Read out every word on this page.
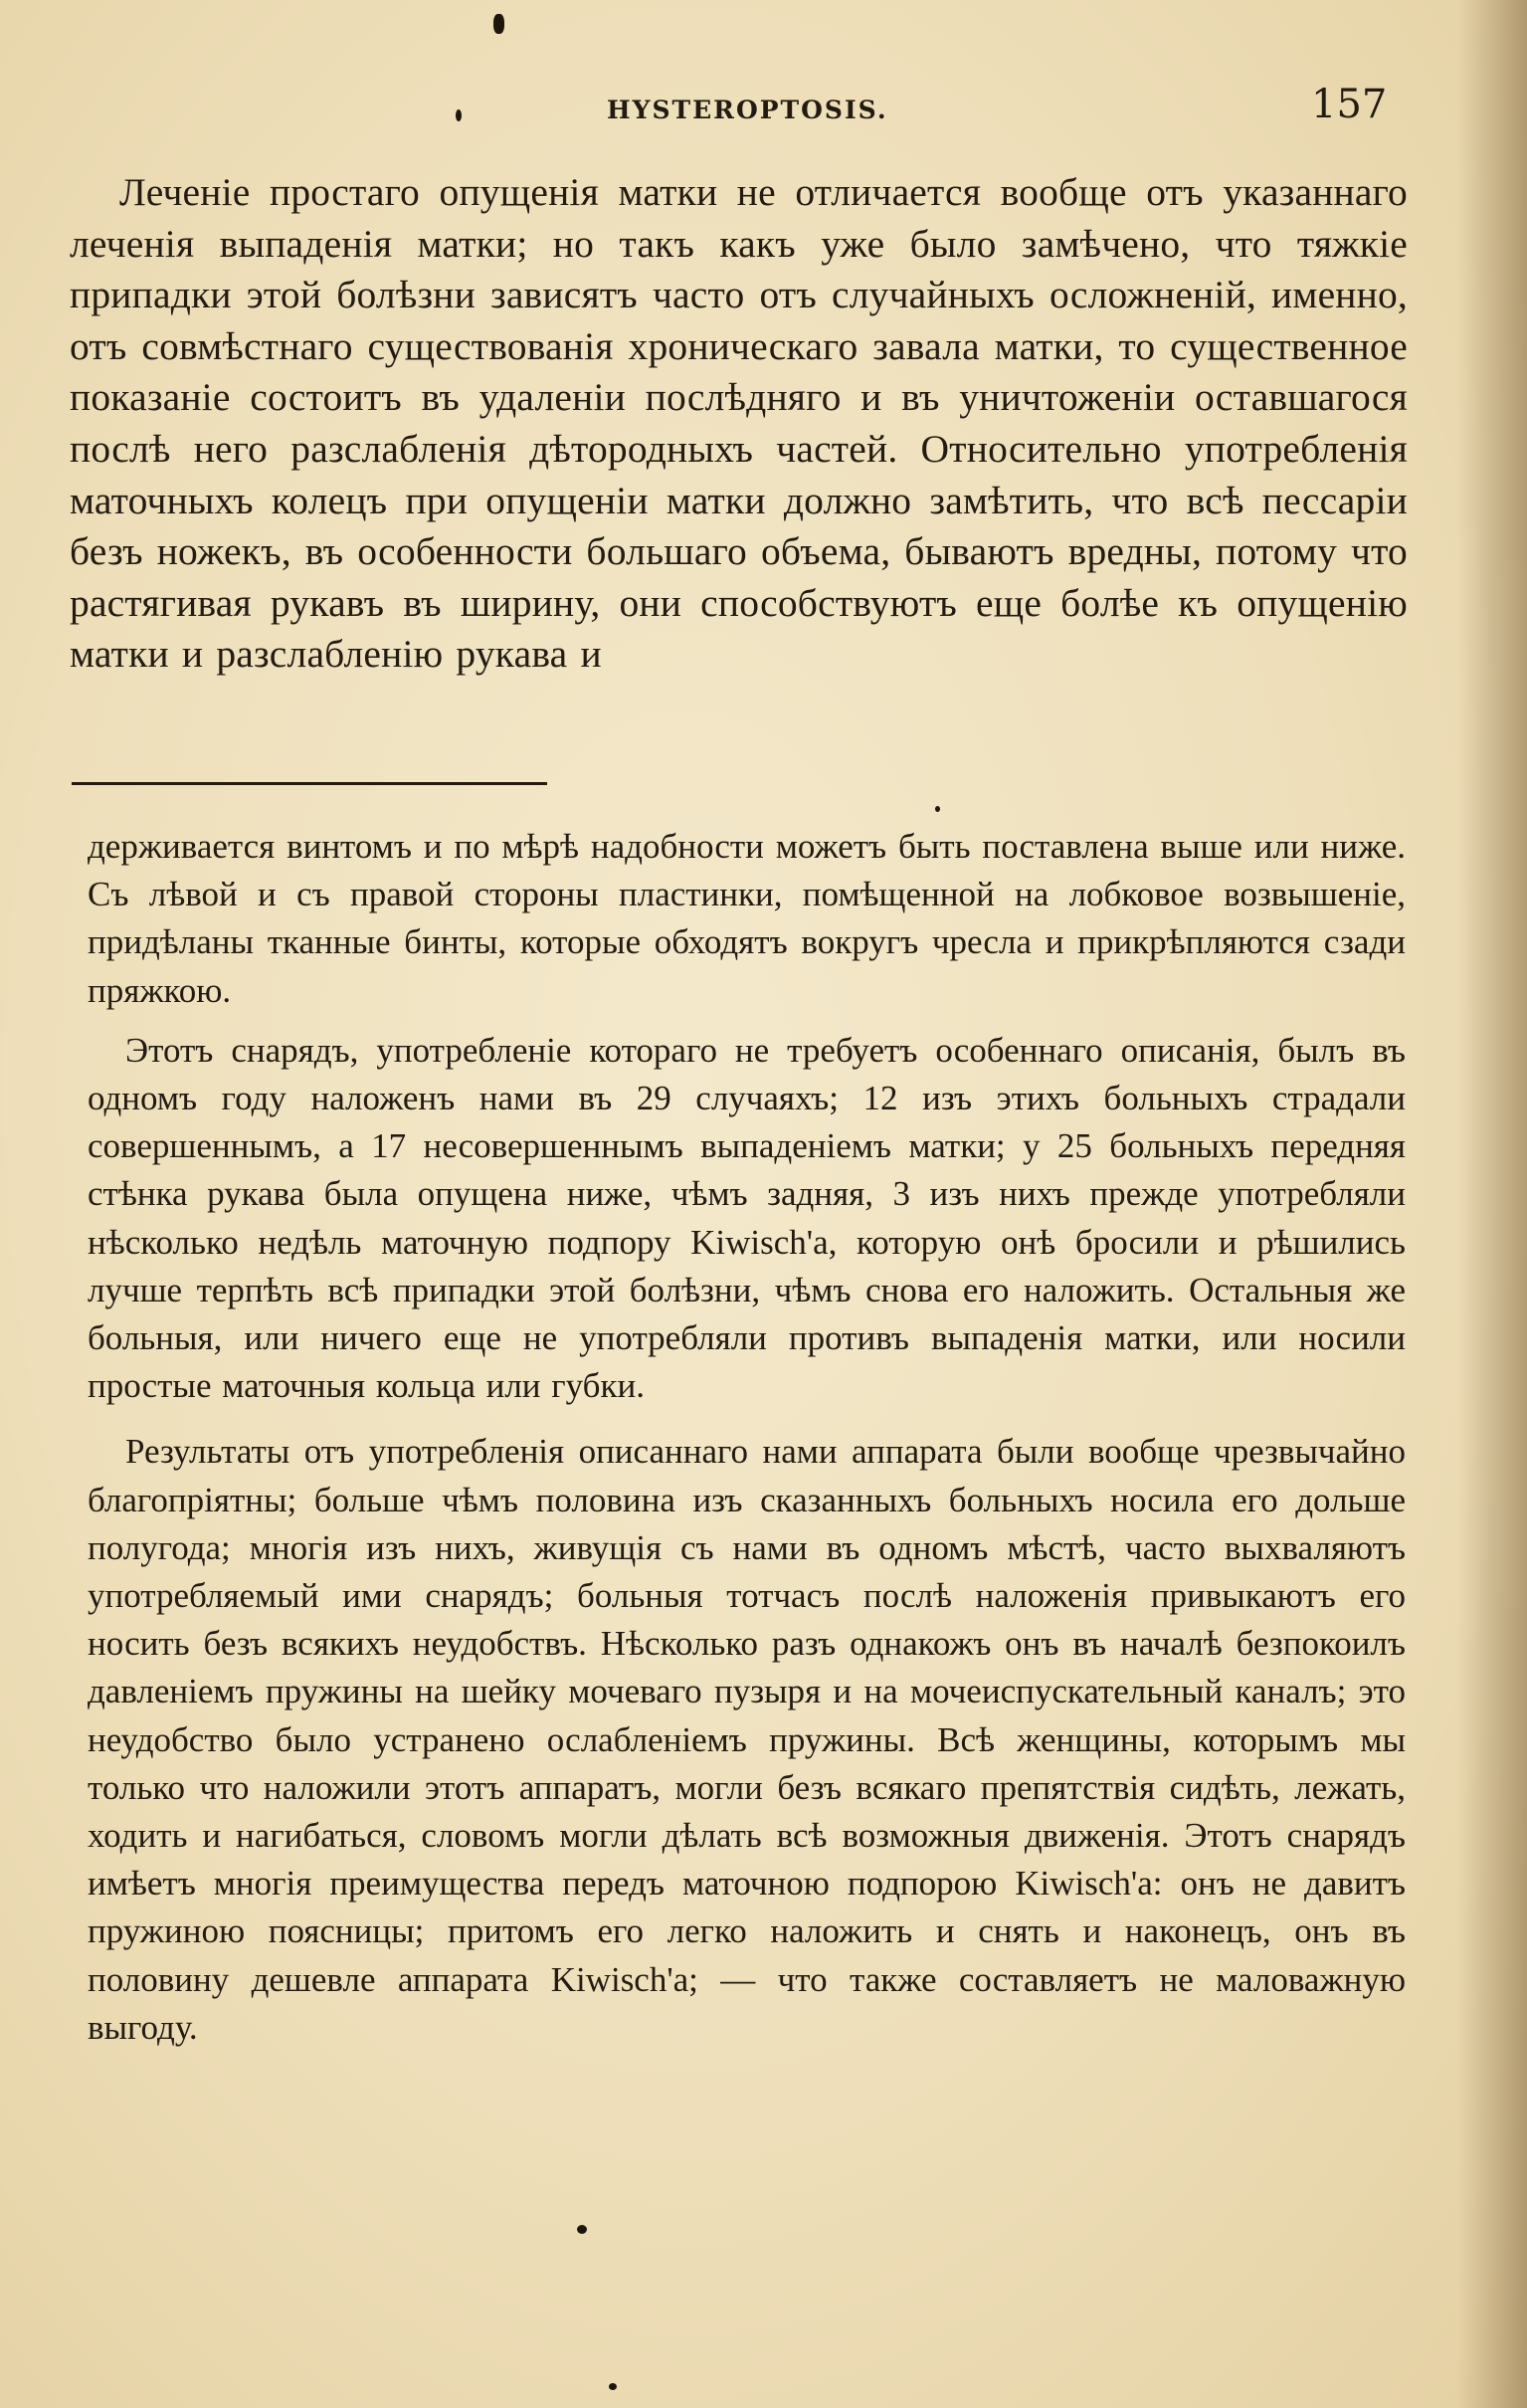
HYSTEROPTOSIS.	157

Леченіе простаго опущенія матки не отличается вообще отъ указаннаго леченія выпаденія матки; но такъ какъ уже было замѣчено, что тяжкіе припадки этой болѣзни зависятъ часто отъ случайныхъ осложненій, именно, отъ совмѣстнаго существованія хроническаго завала матки, то существенное показаніе состоитъ въ удаленіи послѣдняго и въ уничтоженіи оставшагося послѣ него разслабленія дѣтородныхъ частей. Относительно употребленія маточныхъ колецъ при опущеніи матки должно замѣтить, что всѣ пессаріи безъ ножекъ, въ особенности большаго объема, бываютъ вредны, потому что растягивая рукавъ въ ширину, они способствуютъ еще болѣе къ опущенію матки и разслабленію рукава и

держивается винтомъ и по мѣрѣ надобности можетъ быть поставлена выше или ниже. Съ лѣвой и съ правой стороны пластинки, помѣщенной на лобковое возвышеніе, придѣланы тканные бинты, которые обходятъ вокругъ чресла и прикрѣпляются сзади пряжкою.

Этотъ снарядъ, употребленіе котораго не требуетъ особеннаго описанія, былъ въ одномъ году наложенъ нами въ 29 случаяхъ; 12 изъ этихъ больныхъ страдали совершеннымъ, а 17 несовершеннымъ выпаденіемъ матки; у 25 больныхъ передняя стѣнка рукава была опущена ниже, чѣмъ задняя, 3 изъ нихъ прежде употребляли нѣсколько недѣль маточную подпору Kiwisch'а, которую онѣ бросили и рѣшились лучше терпѣть всѣ припадки этой болѣзни, чѣмъ снова его наложить. Остальныя же больныя, или ничего еще не употребляли противъ выпаденія матки, или носили простые маточныя кольца или губки.

Результаты отъ употребленія описаннаго нами аппарата были вообще чрезвычайно благопріятны; больше чѣмъ половина изъ сказанныхъ больныхъ носила его дольше полугода; многія изъ нихъ, живущія съ нами въ одномъ мѣстѣ, часто выхваляютъ употребляемый ими снарядъ; больныя тотчасъ послѣ наложенія привыкаютъ его носить безъ всякихъ неудобствъ. Нѣсколько разъ однакожъ онъ въ началѣ безпокоилъ давленіемъ пружины на шейку мочеваго пузыря и на мочеиспускательный каналъ; это неудобство было устранено ослабленіемъ пружины. Всѣ женщины, которымъ мы только что наложили этотъ аппаратъ, могли безъ всякаго препятствія сидѣть, лежать, ходить и нагибаться, словомъ могли дѣлать всѣ возможныя движенія. Этотъ снарядъ имѣетъ многія преимущества передъ маточною подпорою Kiwisch'а: онъ не давитъ пружиною поясницы; притомъ его легко наложить и снять и наконецъ, онъ въ половину дешевле аппарата Kiwisch'а; — что также составляетъ не маловажную выгоду.
